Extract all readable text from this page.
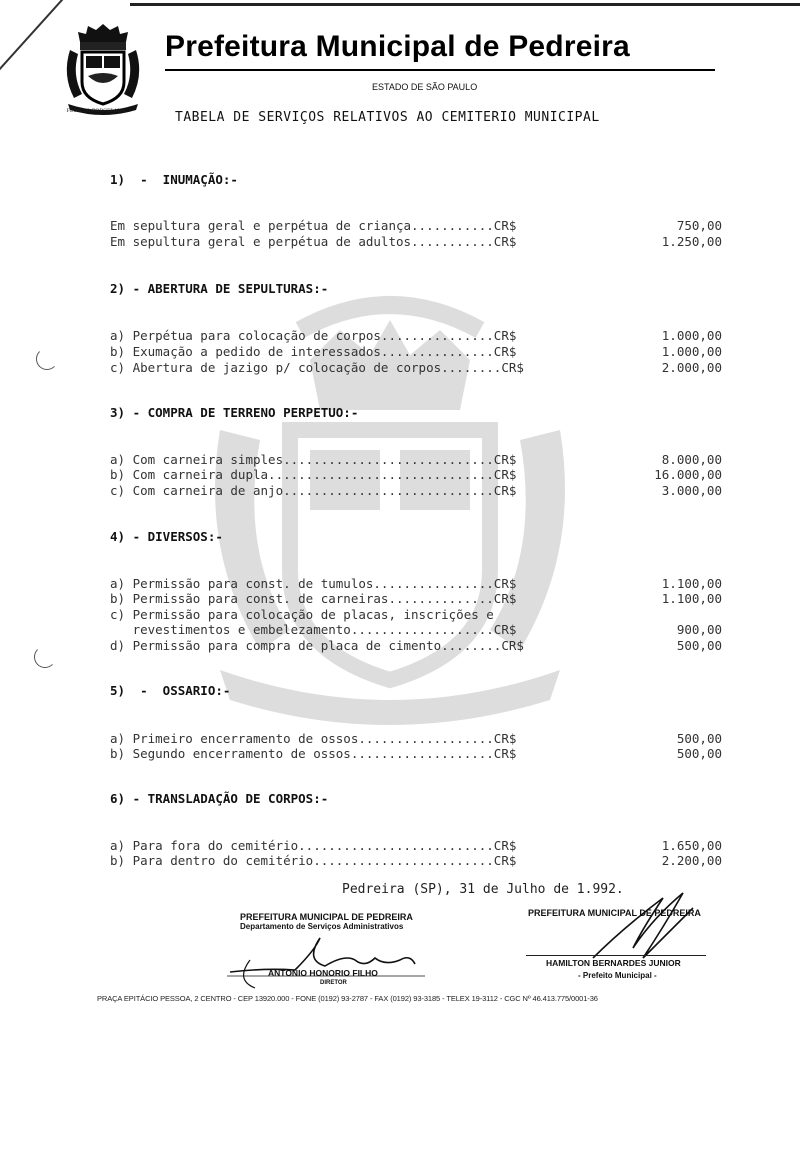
FLOR DA PORCELANA
Prefeitura Municipal de Pedreira
ESTADO DE SÃO PAULO
TABELA DE SERVIÇOS RELATIVOS AO CEMITERIO MUNICIPAL
1)  -  INUMAÇÃO:-
Em sepultura geral e perpétua de criança...........CR$	750,00
Em sepultura geral e perpétua de adultos...........CR$	1.250,00
2) - ABERTURA DE SEPULTURAS:-
a) Perpétua para colocação de corpos...............CR$	1.000,00
b) Exumação a pedido de interessados...............CR$	1.000,00
c) Abertura de jazigo p/ colocação de corpos........CR$	2.000,00
3) - COMPRA DE TERRENO PERPETUO:-
a) Com carneira simples............................CR$	8.000,00
b) Com carneira dupla..............................CR$	16.000,00
c) Com carneira de anjo............................CR$	3.000,00
4) - DIVERSOS:-
a) Permissão para const. de tumulos................CR$	1.100,00
b) Permissão para const. de carneiras..............CR$	1.100,00
c) Permissão para colocação de placas, inscrições e
revestimentos e embelezamento...................CR$	900,00
d) Permissão para compra de placa de cimento........CR$	500,00
5)  -  OSSARIO:-
a) Primeiro encerramento de ossos..................CR$	500,00
b) Segundo encerramento de ossos...................CR$	500,00
6) - TRANSLADAÇÃO DE CORPOS:-
a) Para fora do cemitério..........................CR$	1.650,00
b) Para dentro do cemitério........................CR$	2.200,00
Pedreira (SP), 31 de Julho de 1.992.
PREFEITURA MUNICIPAL DE PEDREIRA
Departamento de Serviços Administrativos
ANTONIO HONORIO FILHO
DIRETOR
PREFEITURA MUNICIPAL DE PEDREIRA
HAMILTON BERNARDES JUNIOR
- Prefeito Municipal -
PRAÇA EPITÁCIO PESSOA, 2 CENTRO - CEP 13920.000 - FONE (0192) 93-2787 - FAX (0192) 93-3185 - TELEX 19-3112 - CGC Nº 46.413.775/0001-36
